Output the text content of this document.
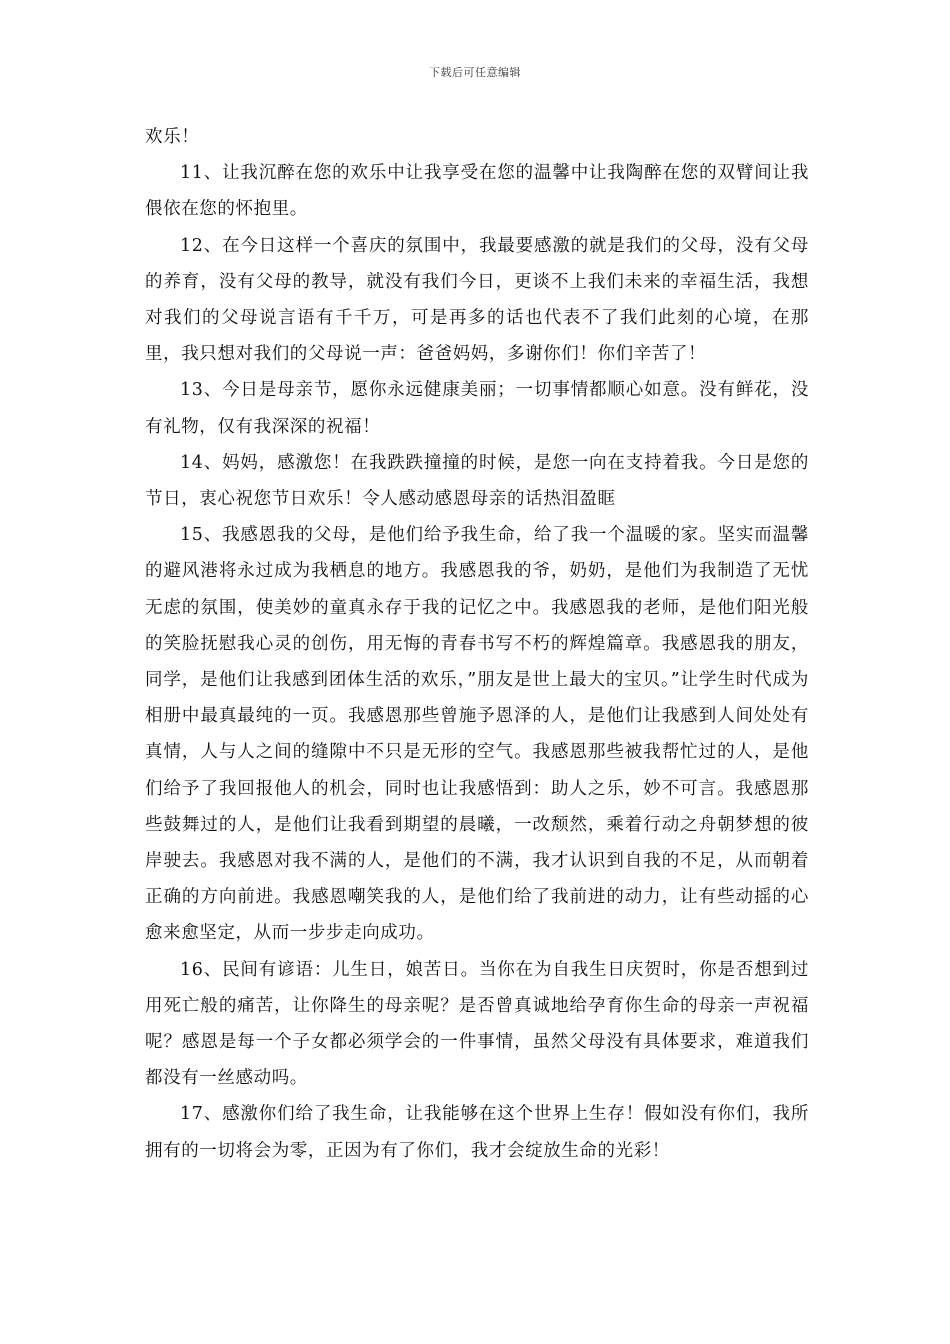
下载后可任意编辑

欢乐！

11、让我沉醉在您的欢乐中让我享受在您的温馨中让我陶醉在您的双臂间让我偎依在您的怀抱里。

12、在今日这样一个喜庆的氛围中，我最要感激的就是我们的父母，没有父母的养育，没有父母的教导，就没有我们今日，更谈不上我们未来的幸福生活，我想对我们的父母说言语有千千万，可是再多的话也代表不了我们此刻的心境，在那里，我只想对我们的父母说一声：爸爸妈妈，多谢你们！你们辛苦了！

13、今日是母亲节，愿你永远健康美丽；一切事情都顺心如意。没有鲜花，没有礼物，仅有我深深的祝福！

14、妈妈，感激您！在我跌跌撞撞的时候，是您一向在支持着我。今日是您的节日，衷心祝您节日欢乐！令人感动感恩母亲的话热泪盈眶

15、我感恩我的父母，是他们给予我生命，给了我一个温暖的家。坚实而温馨的避风港将永过成为我栖息的地方。我感恩我的爷，奶奶，是他们为我制造了无忧无虑的氛围，使美妙的童真永存于我的记忆之中。我感恩我的老师，是他们阳光般的笑脸抚慰我心灵的创伤，用无悔的青春书写不朽的辉煌篇章。我感恩我的朋友，同学，是他们让我感到团体生活的欢乐，”朋友是世上最大的宝贝。”让学生时代成为相册中最真最纯的一页。我感恩那些曾施予恩泽的人，是他们让我感到人间处处有真情，人与人之间的缝隙中不只是无形的空气。我感恩那些被我帮忙过的人，是他们给予了我回报他人的机会，同时也让我感悟到：助人之乐，妙不可言。我感恩那些鼓舞过的人，是他们让我看到期望的晨曦，一改颓然，乘着行动之舟朝梦想的彼岸驶去。我感恩对我不满的人，是他们的不满，我才认识到自我的不足，从而朝着正确的方向前进。我感恩嘲笑我的人，是他们给了我前进的动力，让有些动摇的心愈来愈坚定，从而一步步走向成功。

16、民间有谚语：儿生日，娘苦日。当你在为自我生日庆贺时，你是否想到过用死亡般的痛苦，让你降生的母亲呢？是否曾真诚地给孕育你生命的母亲一声祝福呢？感恩是每一个子女都必须学会的一件事情，虽然父母没有具体要求，难道我们都没有一丝感动吗。

17、感激你们给了我生命，让我能够在这个世界上生存！假如没有你们，我所拥有的一切将会为零，正因为有了你们，我才会绽放生命的光彩！
